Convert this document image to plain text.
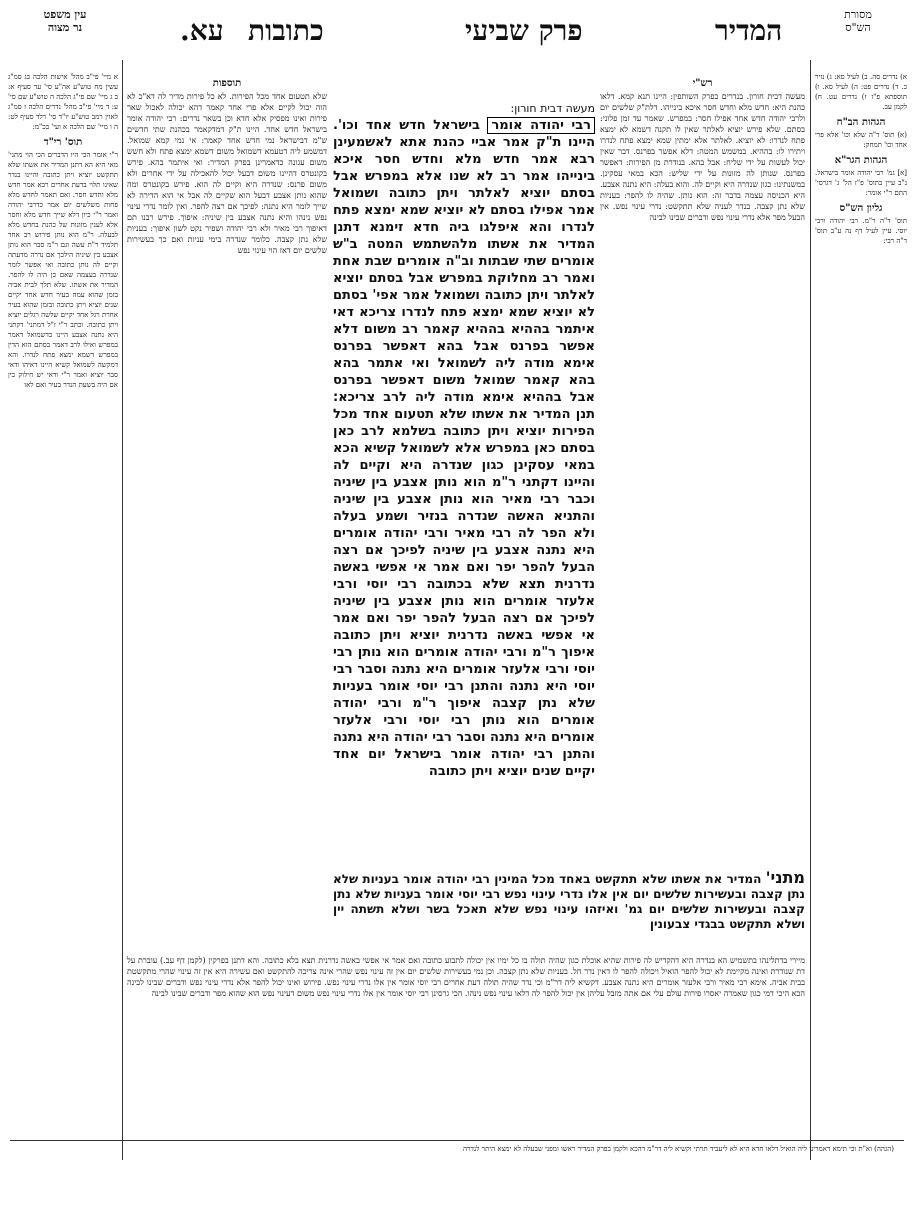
מסורת
הש"ס
המדיר
פרק שביעי
כתובות
עא.
עין משפט
נר מצוה
א) נדרים סה. ב) לעיל סא: ג) נזיר כ. ד) נדרים פט: ה) לעיל סא. ו) תוספתא פ"ז ז) נדרים עט. ח) לקמן עב.
הגהות הב"ח
(א) תוס' ד"ה שלא וכו' אלא פרי אחד וכו' תמחק:
הגהות הגר"א
[א] גמ' רבי יהודה אומר בישראל. נ"ב עיין בתוס' פ"ז הל' ג' דגרסי' התם ר"י אומר:
גליון הש"ס
תוס' ד"ה ר"מ. רבי יהודה ורבי יוסי. עיין לעיל דף נה ע"ב תוס' ד"ה רבי:
א מיי' פי"ב מהל' אישות הלכה כג סמ"ג עשין מח טוש"ע אה"ע סי' עד סעיף א: ב ג מיי' שם פי"ג הלכה ה טוש"ע שם סי' ע: ד מיי' פי"ב מהל' נדרים הלכה ז סמ"ג לאוין רמב טוש"ע יו"ד סי' רלד סעיף לט: ה ו מיי' שם הלכה א ועי' בכ"מ:
תוס' רי"ד
ר"י אומר הכי היו הדברים הכי הוי מתני' מאי היא הא דתנן המדיר את אשתו שלא תתקשט יוציא ויתן כתובה והיינו בנדר שאינו תלוי בדעת אחרים רבא אמר חדש מלא וחדש חסר. ואם תאמר לחדש מלא פחות משלשים יום אמר כדרבי יהודה ואמר ר"י כיון דלא שייך חדש מלא וחסר אלא לענין מזונות של כהנת בחדש מלא לבעלה. ר"מ הוא נותן פירוש רב אחד תלמיד ר"ת עשה וגם ר"מ סבר הוא נותן אצבע בין שיניה הילכך אם נדרה מדעתה וקיים לה נותן כתובה ואי אפשר לומר שנדרה בעצמה שאם כן היה לו להפר. המדיר את אשתו. שלא תלך לבית אביה בזמן שהוא עמה בעיר חדש אחד יקיים שנים יוציא ויתן כתובה ובזמן שהוא בעיר אחרת רגל אחד יקיים שלשה רגלים יוציא ויתן כתובה. וכתב ר"י ז"ל דמתני' דקתני היא נתנה אצבע היינו כדשמואל דאמר במפרש ואילו לרב דאמר בסתם הוא הדין במפרש דשמא ימצא פתח לנדרו. והא דמקשה לשמואל קשיא היינו דאיהו ודאי סבר יוציא ואמר ר"י ודאי יש חילוק בין אם היה בשעת הנדר בעיר ואם לאו
רש"י
מעשה דבית חורון. בנדרים בפרק השותפין: היינו תנא קמא. דלאו כהנת היא: חדש מלא וחדש חסר איכא בינייהו. דלת"ק שלשים יום ולרבי יהודה חדש אחד אפילו חסר: במפרש. שאמר עד זמן פלוני: בסתם. שלא פירש יוציא לאלתר שאין לו תקנה דשמא לא ימצא פתח לנדרו: לא יוציא. לאלתר אלא ימתין שמא ימצא פתח לנדרו ויתירו לו: בההיא. במשמש המטה: דלא אפשר בפרנס. דבר שאין יכול לעשות על ידי שליח: אבל בהא. בנודרת מן הפירות: דאפשר בפרנס. שנותן לה מזונות על ידי שליש: הכא במאי עסקינן. במשנתינו: כגון שנדרה היא וקיים לה. והוא בעלה: היא נתנה אצבע. היא הכניסה עצמה בדבר זה: הוא נותן. שהיה לו להפר: בעניות שלא נתן קצבה. בנדר לעניה שלא תתקשט: נדרי עינוי נפש. אין הבעל מפר אלא נדרי עינוי נפש ודברים שבינו לבינה
תוספות
שלא תטעום אחד מכל הפירות. לא כל פירות מדיר לה דא"כ לא הוה יכול לקיים אלא פרי אחד קאמר דהא יכולה לאכול שאר פירות ואינו מפסיק אלא חדא וכן בשאר נדרים: רבי יהודה אומר בישראל חדש אחד. היינו ת"ק דמדקאמר בכהנת שתי חדשים ש"מ דבישראל נמי חדש אחד קאמר: אי נמי קמא שמואל. דמשמע ליה דטעמא דשמואל משום דשמא ימצא פתח ולא חשש משום עגונה כדאמרינן בפרק המדיר: ואי איתמר בהא. פירש בקונטרס דהיינו משום דבעל יכול להאכילה על ידי אחרים ולא משום פרנס: שנדרה היא וקיים לה הוא. פירש בקונטרס ומה שהוא נותן אצבע דבעל הוא שקיים לה אבל אי הוא הדירה לא שייך לומר היא נתנה: לפיכך אם רצה להפר. ואין לומר נדרי עינוי נפש נינהו והיא נתנה אצבע בין שיניה: איפוך. פירש רבנו תם דאיפוך רבי מאיר ולא רבי יהודה ושפיר נקט לשון איפוך: בעניות שלא נתן קצבה. כלומר שנדרה בימי עניות ואם כך בעשירות שלשים יום דאז הוי עינוי נפש
מעשה דבית חורון:
רבי יהודה אומר בישראל חדש אחד וכו'. היינו ת"ק אמר אביי כהנת אתא לאשמעינן רבא אמר חדש מלא וחדש חסר איכא בינייהו אמר רב לא שנו אלא במפרש אבל בסתם יוציא לאלתר ויתן כתובה ושמואל אמר אפילו בסתם לא יוציא שמא ימצא פתח לנדרו והא איפלגו ביה חדא זימנא דתנן המדיר את אשתו מלהשתמש המטה ב"ש אומרים שתי שבתות וב"ה אומרים שבת אחת ואמר רב מחלוקת במפרש אבל בסתם יוציא לאלתר ויתן כתובה ושמואל אמר אפי' בסתם לא יוציא שמא ימצא פתח לנדרו צריכא דאי איתמר בההיא בההיא קאמר רב משום דלא אפשר בפרנס אבל בהא דאפשר בפרנס אימא מודה ליה לשמואל ואי אתמר בהא בהא קאמר שמואל משום דאפשר בפרנס אבל בההיא אימא מודה ליה לרב צריכא: תנן המדיר את אשתו שלא תטעום אחד מכל הפירות יוציא ויתן כתובה בשלמא לרב כאן בסתם כאן במפרש אלא לשמואל קשיא הכא במאי עסקינן כגון שנדרה היא וקיים לה והיינו דקתני ר"מ הוא נותן אצבע בין שיניה וכבר רבי מאיר הוא נותן אצבע בין שיניה והתניא האשה שנדרה בנזיר ושמע בעלה ולא הפר לה רבי מאיר ורבי יהודה אומרים היא נתנה אצבע בין שיניה לפיכך אם רצה הבעל להפר יפר ואם אמר אי אפשי באשה נדרנית תצא שלא בכתובה רבי יוסי ורבי אלעזר אומרים הוא נותן אצבע בין שיניה לפיכך אם רצה הבעל להפר יפר ואם אמר אי אפשי באשה נדרנית יוציא ויתן כתובה איפוך ר"מ ורבי יהודה אומרים הוא נותן רבי יוסי ורבי אלעזר אומרים היא נתנה וסבר רבי יוסי היא נתנה והתנן רבי יוסי אומר בעניות שלא נתן קצבה איפוך ר"מ ורבי יהודה אומרים הוא נותן רבי יוסי ורבי אלעזר אומרים היא נתנה וסבר רבי יהודה היא נתנה והתנן רבי יהודה אומר בישראל יום אחד יקיים שנים יוציא ויתן כתובה
מתני' המדיר את אשתו שלא תתקשט באחד מכל המינין רבי יהודה אומר בעניות שלא נתן קצבה ובעשירות שלשים יום אין אלו נדרי עינוי נפש רבי יוסי אומר בעניות שלא נתן קצבה ובעשירות שלשים יום גמ' ואיזהו עינוי נפש שלא תאכל בשר ושלא תשתה יין ושלא תתקשט בבגדי צבעונין
מיירי בדתלינהו בתשמיש הא בנדרה היא דהקדיש לה פירות שהיא אוכלת כגון שהיה תולה בו כל ימיו אין יכולה לתבוע כתובה ואם אמר אי אפשי באשה נדרנית תצא בלא כתובה. והא דתנן בפרקין (לקמן דף עב.) עוברת על דת שנודרת ואינה מקיימת לא יכול להפר הואיל ויכולה להפר לו דאין נדר חל. בעניות שלא נתן קצבה. וכן נמי בעשירות שלשים יום אין זה עינוי נפש שהרי אינה צריכה להתקשט ואם עשירה היא אין זה עינוי שהרי מתקשטת בבית אביה. אימא רבי מאיר ורבי אלעזר אומרים היא נתנה אצבע. דקשיא ליה דר"מ וכי נדר שהיה תולה דעת אחרים רבי יוסי אומר אין אלו נדרי עינוי נפש. פירוש ואינו יכול להפר אלא נדרי עינוי נפש ודברים שבינו לבינה הכא היכי דמי כגון שאמרה יאסרו פירות עולם עלי אם אתה מזבל עליהן אין יכול להפר לה דלאו עינוי נפש נינהו. הכי גרסינן רבי יוסי אומר אין אלו נדרי עינוי נפש משום דעינוי נפש הוא שהוא מפר ודברים שבינו לבינה
(הגהה) וא"ת וכי תימא דאמרינן ליה הואיל דלאו חדא היא לא ליעביד תרתי וקשיא ליה דר"מ דהכא ולקמן בפרק המדיר ראשו ומפני שבעלה לא ימצא היתר לנדרה
